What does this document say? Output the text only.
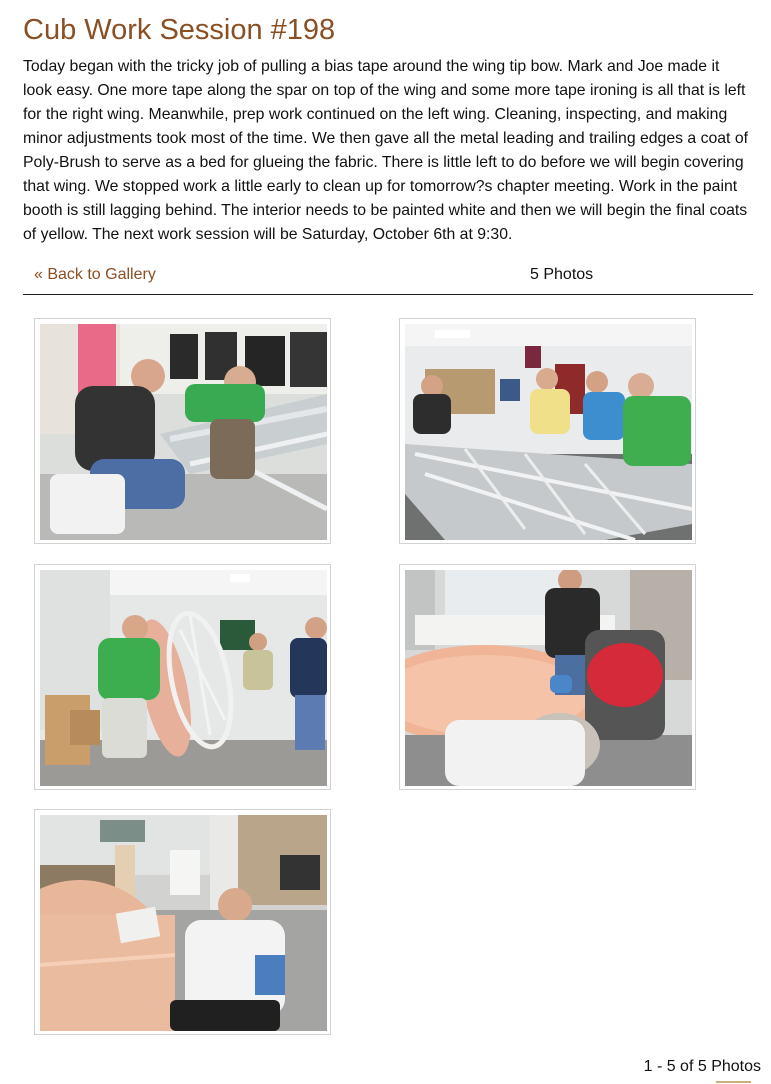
Cub Work Session #198
Today began with the tricky job of pulling a bias tape around the wing tip bow. Mark and Joe made it look easy. One more tape along the spar on top of the wing and some more tape ironing is all that is left for the right wing. Meanwhile, prep work continued on the left wing. Cleaning, inspecting, and making minor adjustments took most of the time. We then gave all the metal leading and trailing edges a coat of Poly-Brush to serve as a bed for glueing the fabric. There is little left to do before we will begin covering that wing. We stopped work a little early to clean up for tomorrow?s chapter meeting. Work in the paint booth is still lagging behind. The interior needs to be painted white and then we will begin the final coats of yellow. The next work session will be Saturday, October 6th at 9:30.
« Back to Gallery	5 Photos
1 - 5 of 5 Photos
